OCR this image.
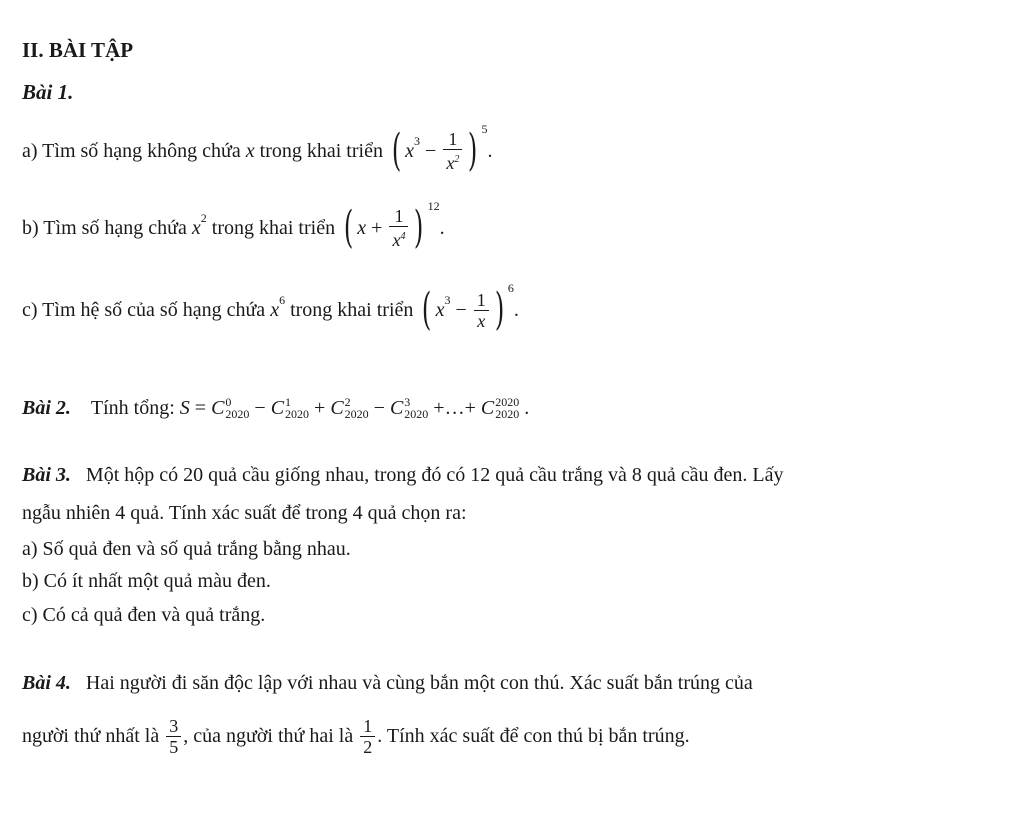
II. BÀI TẬP
Bài 1.
a) Tìm số hạng không chứa
x
trong khai triển
( x $3 - \frac{1}{x^2}$ ) 5
.
b) Tìm số hạng chứa
x 2
trong khai triển
( $x + \frac{1}{x^4}$ ) 12
.
c) Tìm hệ số của số hạng chứa
x 6
trong khai triển
( x $3 - \frac{1}{x}$ ) 6
.
Bài 2.
Tính tổng:
S = C 0
2020 − C 1
2020 + C 2
2020 − C 3
2020 +…+ C 2020
2020 .
Bài 3. Một hộp có 20 quả cầu giống nhau, trong đó có 12 quả cầu trắng và 8 quả cầu đen. Lấy
ngẫu nhiên 4 quả. Tính xác suất để trong 4 quả chọn ra:
a) Số quả đen và số quả trắng bằng nhau.
b) Có ít nhất một quả màu đen.
c) Có cả quả đen và quả trắng.
Bài 4. Hai người đi săn độc lập với nhau và cùng bắn một con thú. Xác suất bắn trúng của
người thứ nhất là
$\frac{3}{5}$ , của người thứ hai là
$\frac{1}{2}$ . Tính xác suất để con thú bị bắn trúng.
